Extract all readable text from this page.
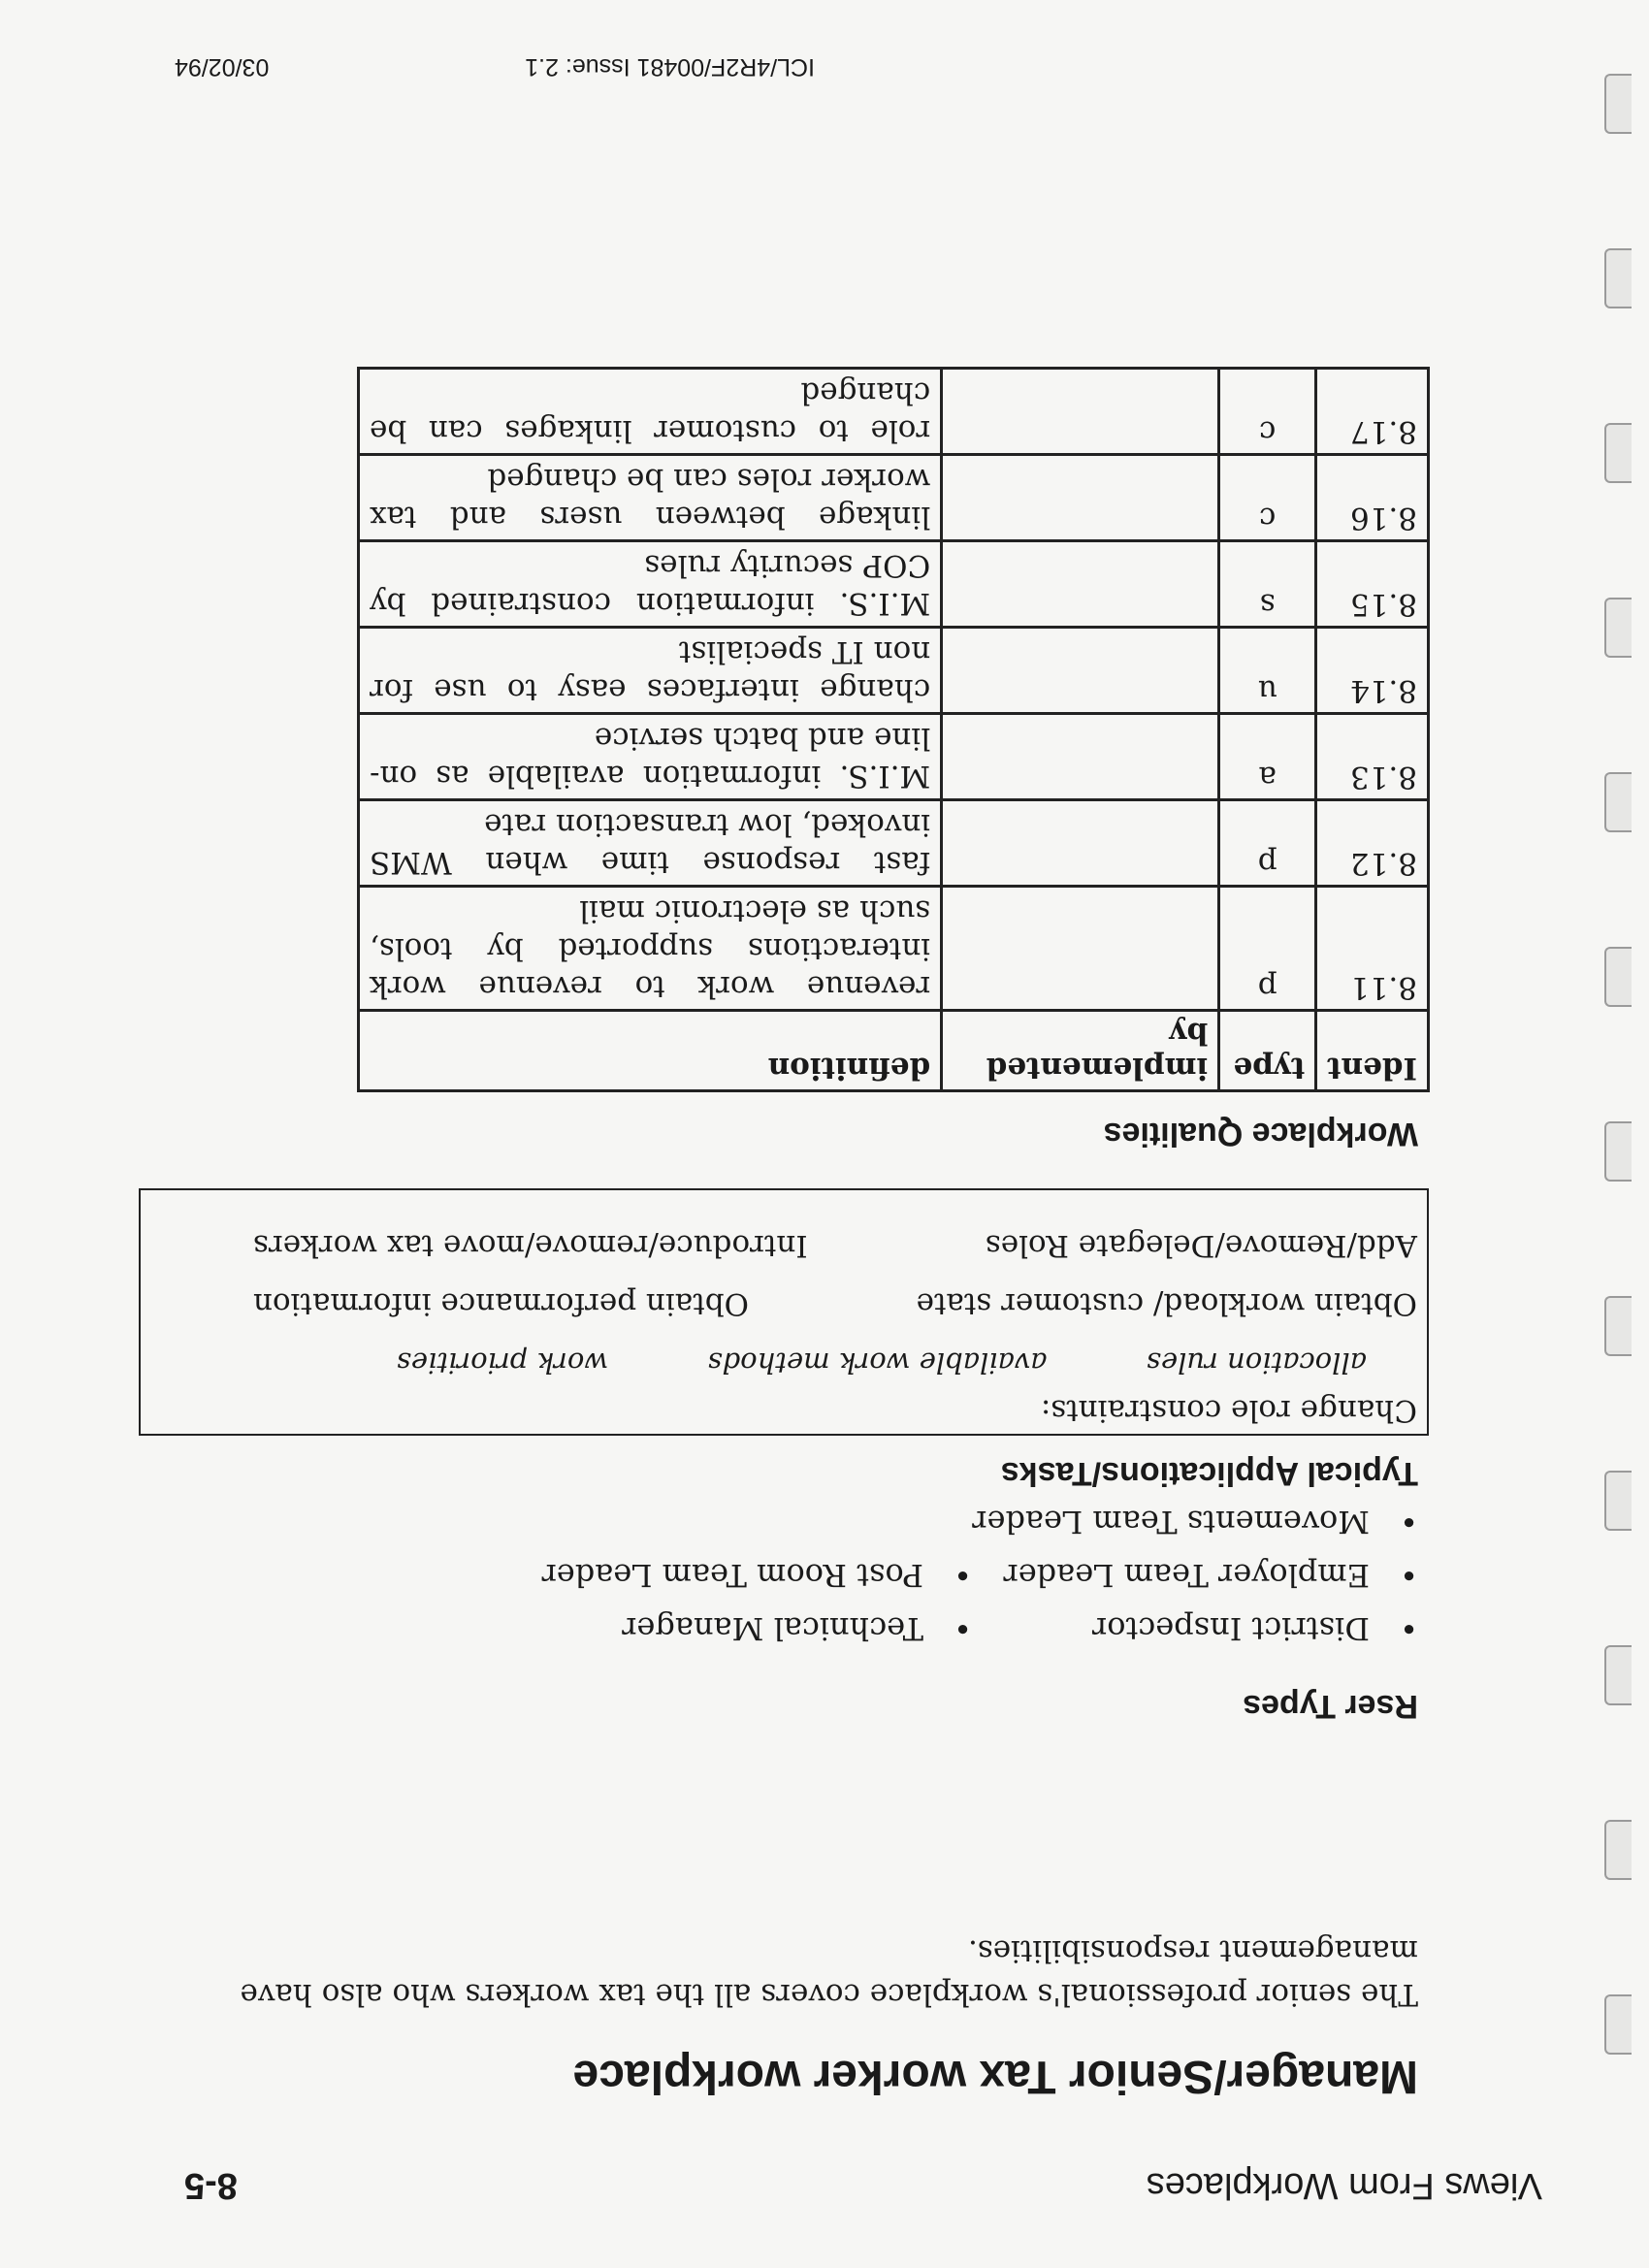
Views From Workplaces
8-5
Manager/Senior Tax worker workplace

The senior professional's workplace covers all the tax workers who also have management responsibilities.

Rser Types
•
District Inspector
•
Technical Manager
•
Employer Team Leader
•
Post Room Team Leader
•
Movements Team Leader
Typical Applications/Tasks
Change role constraints:
allocation rules
available work methods
work priorities
Obtain workload/ customer state
Obtain performance information
Add/Remove/Delegate Roles
Introduce/remove/move tax workers
Workplace Qualities
Ident	type	implemented by	definition
8.11	p		revenue work to revenue work interactions supported by tools, such as electronic mail
8.12	p		fast response time when WMS invoked, low transaction rate
8.13	a		M.I.S. information available as on-line and batch service
8.14	u		change interfaces easy to use for non IT specialist
8.15	s		M.I.S. information constrained by COP security rules
8.16	c		linkage between users and tax worker roles can be changed
8.17	c		role to customer linkages can be changed
ICL/4R2F/00481 Issue: 2.1
03/02/94
